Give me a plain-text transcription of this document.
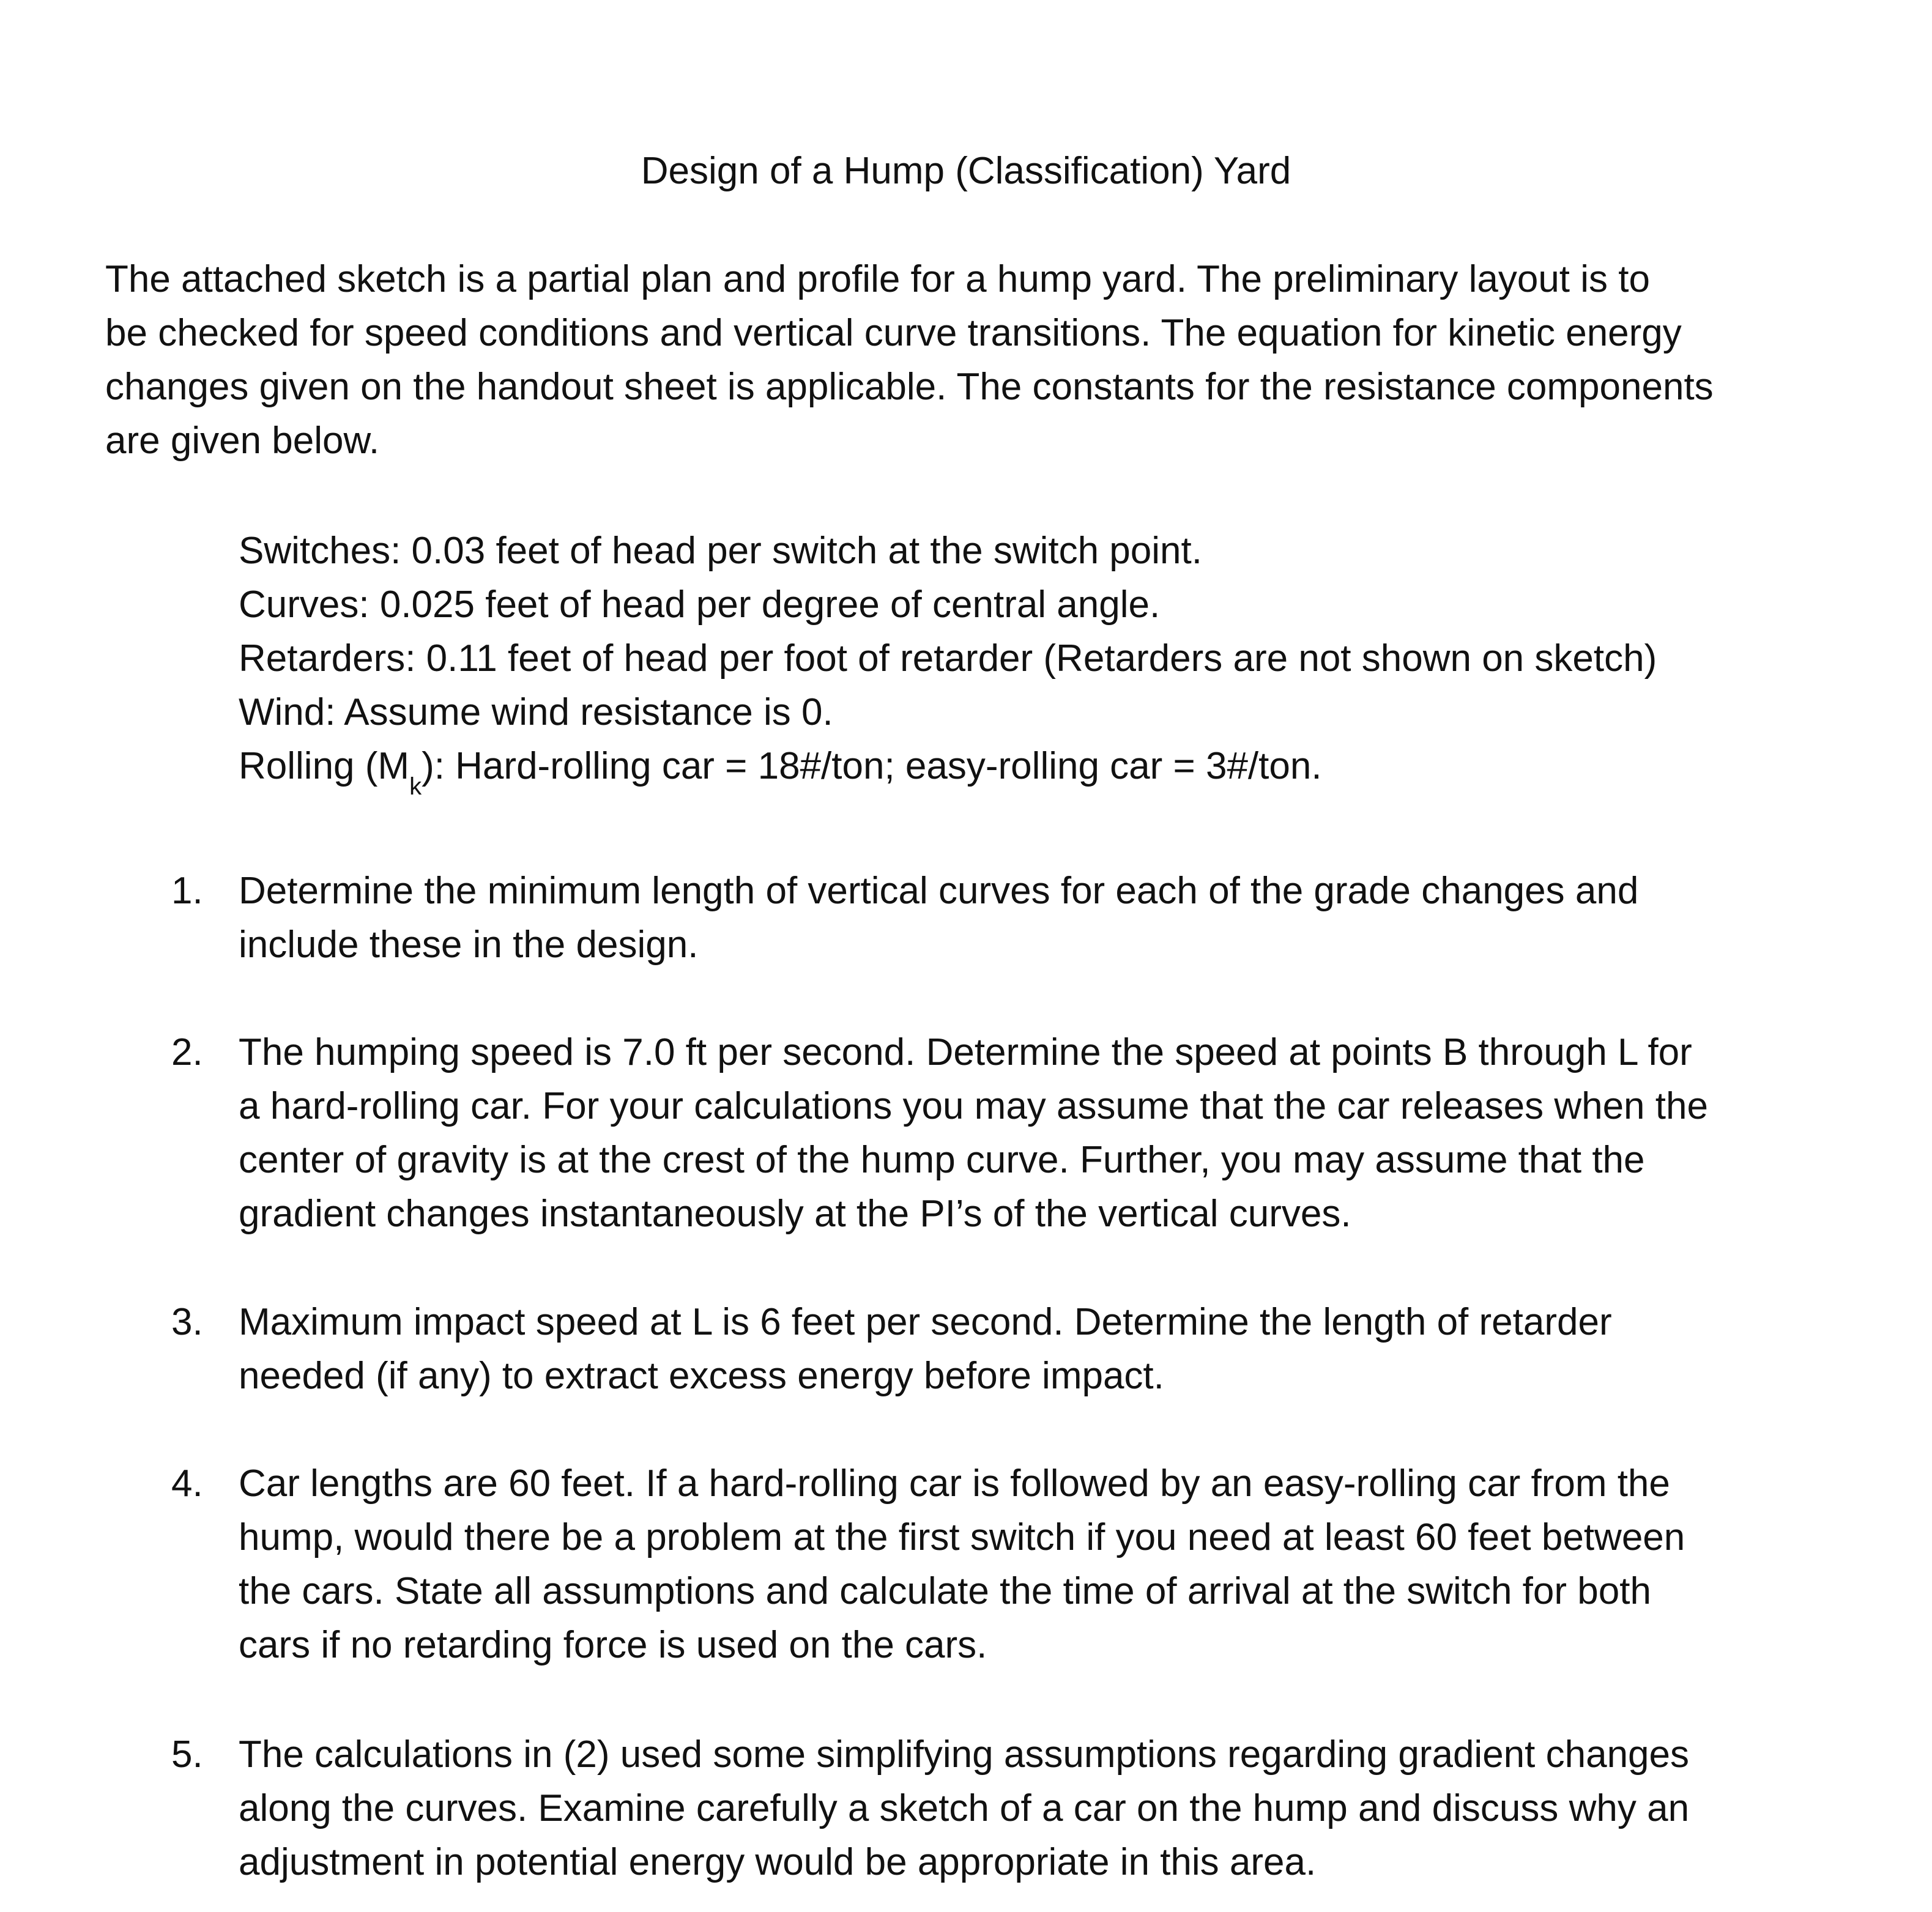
Design of a Hump (Classification) Yard
The attached sketch is a partial plan and profile for a hump yard. The preliminary layout is to
be checked for speed conditions and vertical curve transitions. The equation for kinetic energy
changes given on the handout sheet is applicable. The constants for the resistance components
are given below.
Switches: 0.03 feet of head per switch at the switch point.
Curves: 0.025 feet of head per degree of central angle.
Retarders: 0.11 feet of head per foot of retarder (Retarders are not shown on sketch)
Wind: Assume wind resistance is 0.
Rolling $(M_k)$: Hard-rolling car = 18#/ton; easy-rolling car = 3#/ton.
1. Determine the minimum length of vertical curves for each of the grade changes and
include these in the design.
2. The humping speed is 7.0 ft per second. Determine the speed at points B through L for
a hard-rolling car. For your calculations you may assume that the car releases when the
center of gravity is at the crest of the hump curve. Further, you may assume that the
gradient changes instantaneously at the PI’s of the vertical curves.
3. Maximum impact speed at L is 6 feet per second. Determine the length of retarder
needed (if any) to extract excess energy before impact.
4. Car lengths are 60 feet. If a hard-rolling car is followed by an easy-rolling car from the
hump, would there be a problem at the first switch if you need at least 60 feet between
the cars. State all assumptions and calculate the time of arrival at the switch for both
cars if no retarding force is used on the cars.
5. The calculations in (2) used some simplifying assumptions regarding gradient changes
along the curves. Examine carefully a sketch of a car on the hump and discuss why an
adjustment in potential energy would be appropriate in this area.
